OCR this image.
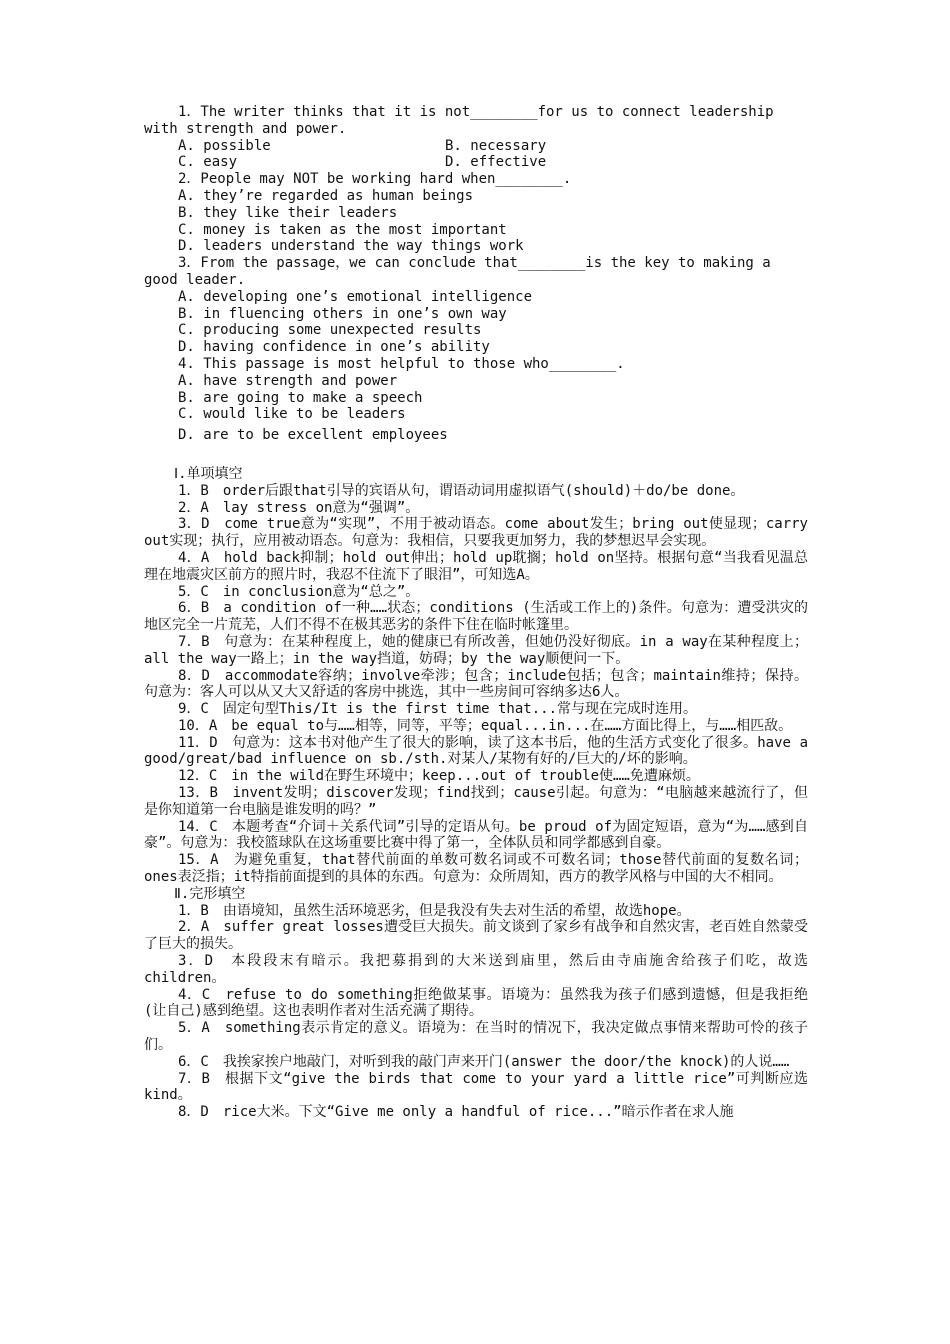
1．The writer thinks that it is not________for us to connect leadership with strength and power.

A. possible	B. necessary
C. easy	D. effective

2．People may NOT be working hard when________.

A. they’re regarded as human beings

B. they like their leaders

C. money is taken as the most important

D. leaders understand the way things work

3．From the passage，we can conclude that________is the key to making a good leader.

A. developing one’s emotional intelligence

B. in fluencing others in one’s own way

C. producing some unexpected results

D. having confidence in one’s ability

4. This passage is most helpful to those who________.

A. have strength and power

B. are going to make a speech

C. would like to be leaders

D. are to be excellent employees

Ⅰ.单项填空

1．B　order后跟that引导的宾语从句，谓语动词用虚拟语气(should)＋do/be done。

2．A　lay stress on意为“强调”。

3．D　come true意为“实现”，不用于被动语态。come about发生；bring out使显现；carry out实现；执行，应用被动语态。句意为：我相信，只要我更加努力，我的梦想迟早会实现。

4．A　hold back抑制；hold out伸出；hold up耽搁；hold on坚持。根据句意“当我看见温总理在地震灾区前方的照片时，我忍不住流下了眼泪”，可知选A。

5．C　in conclusion意为“总之”。

6．B　a condition of一种……状态；conditions (生活或工作上的)条件。句意为：遭受洪灾的地区完全一片荒芜，人们不得不在极其恶劣的条件下住在临时帐篷里。

7．B　句意为：在某种程度上，她的健康已有所改善，但她仍没好彻底。in a way在某种程度上；all the way一路上；in the way挡道，妨碍；by the way顺便问一下。

8．D　accommodate容纳；involve牵涉；包含；include包括；包含；maintain维持；保持。句意为：客人可以从又大又舒适的客房中挑选，其中一些房间可容纳多达6人。

9．C　固定句型This/It is the first time that...常与现在完成时连用。

10．A　be equal to与……相等，同等，平等；equal...in...在……方面比得上，与……相匹敌。

11．D　句意为：这本书对他产生了很大的影响，读了这本书后，他的生活方式变化了很多。have a good/great/bad influence on sb./sth.对某人/某物有好的/巨大的/坏的影响。

12．C　in the wild在野生环境中；keep...out of trouble使……免遭麻烦。

13．B　invent发明；discover发现；find找到；cause引起。句意为：“电脑越来越流行了，但是你知道第一台电脑是谁发明的吗？”

14．C　本题考查“介词＋关系代词”引导的定语从句。be proud of为固定短语，意为“为……感到自豪”。句意为：我校篮球队在这场重要比赛中得了第一，全体队员和同学都感到自豪。

15．A　为避免重复，that替代前面的单数可数名词或不可数名词；those替代前面的复数名词；ones表泛指；it特指前面提到的具体的东西。句意为：众所周知，西方的教学风格与中国的大不相同。

Ⅱ.完形填空

1．B　由语境知，虽然生活环境恶劣，但是我没有失去对生活的希望，故选hope。

2．A　suffer great losses遭受巨大损失。前文谈到了家乡有战争和自然灾害，老百姓自然蒙受了巨大的损失。

3．D　本段段末有暗示。我把募捐到的大米送到庙里，然后由寺庙施舍给孩子们吃，故选children。

4．C　refuse to do something拒绝做某事。语境为：虽然我为孩子们感到遗憾，但是我拒绝(让自己)感到绝望。这也表明作者对生活充满了期待。

5．A　something表示肯定的意义。语境为：在当时的情况下，我决定做点事情来帮助可怜的孩子们。

6．C　我挨家挨户地敲门，对听到我的敲门声来开门(answer the door/the knock)的人说……

7．B　根据下文“give the birds that come to your yard a little rice”可判断应选kind。

8．D　rice大米。下文“Give me only a handful of rice...”暗示作者在求人施
